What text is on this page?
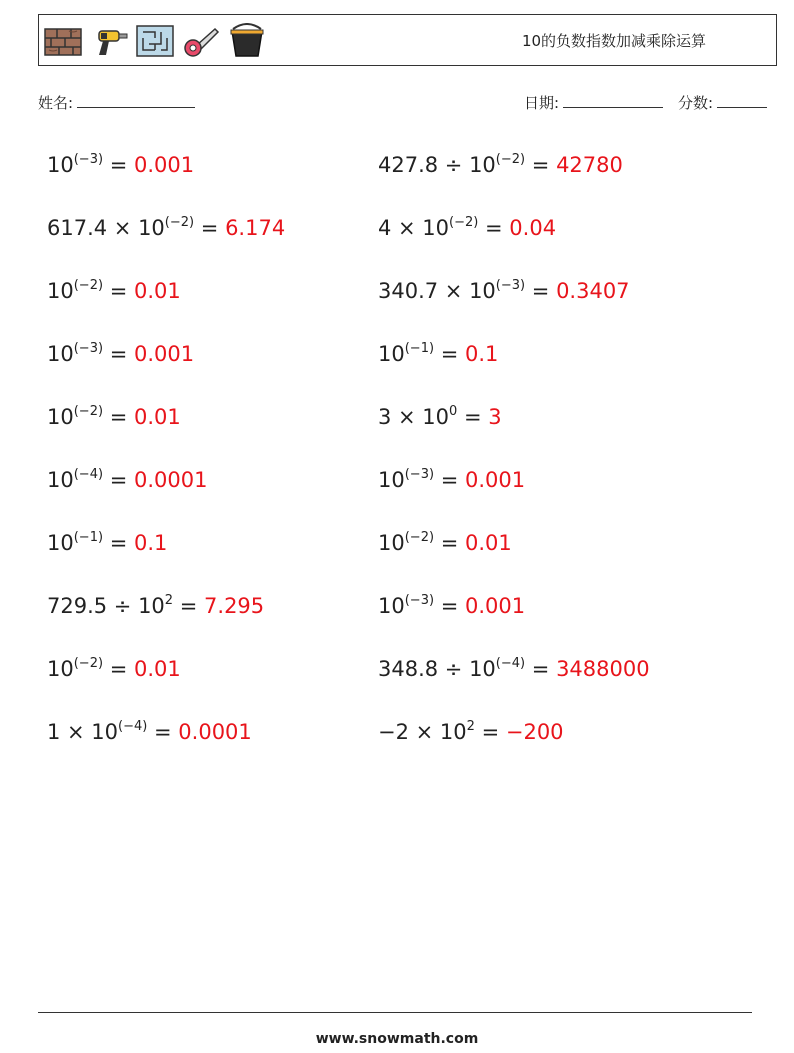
10的负数指数加减乘除运算
姓名:	日期:	分数:
$10^{(-3)} = 0.001$	$427.8 \div 10^{(-2)} = 42780$
$617.4 \times 10^{(-2)} = 6.174$	$4 \times 10^{(-2)} = 0.04$
$10^{(-2)} = 0.01$	$340.7 \times 10^{(-3)} = 0.3407$
$10^{(-3)} = 0.001$	$10^{(-1)} = 0.1$
$10^{(-2)} = 0.01$	$3 \times 10^0 = 3$
$10^{(-4)} = 0.0001$	$10^{(-3)} = 0.001$
$10^{(-1)} = 0.1$	$10^{(-2)} = 0.01$
$729.5 \div 10^2 = 7.295$	$10^{(-3)} = 0.001$
$10^{(-2)} = 0.01$	$348.8 \div 10^{(-4)} = 3488000$
$1 \times 10^{(-4)} = 0.0001$	$-2 \times 10^2 = -200$
www.snowmath.com
